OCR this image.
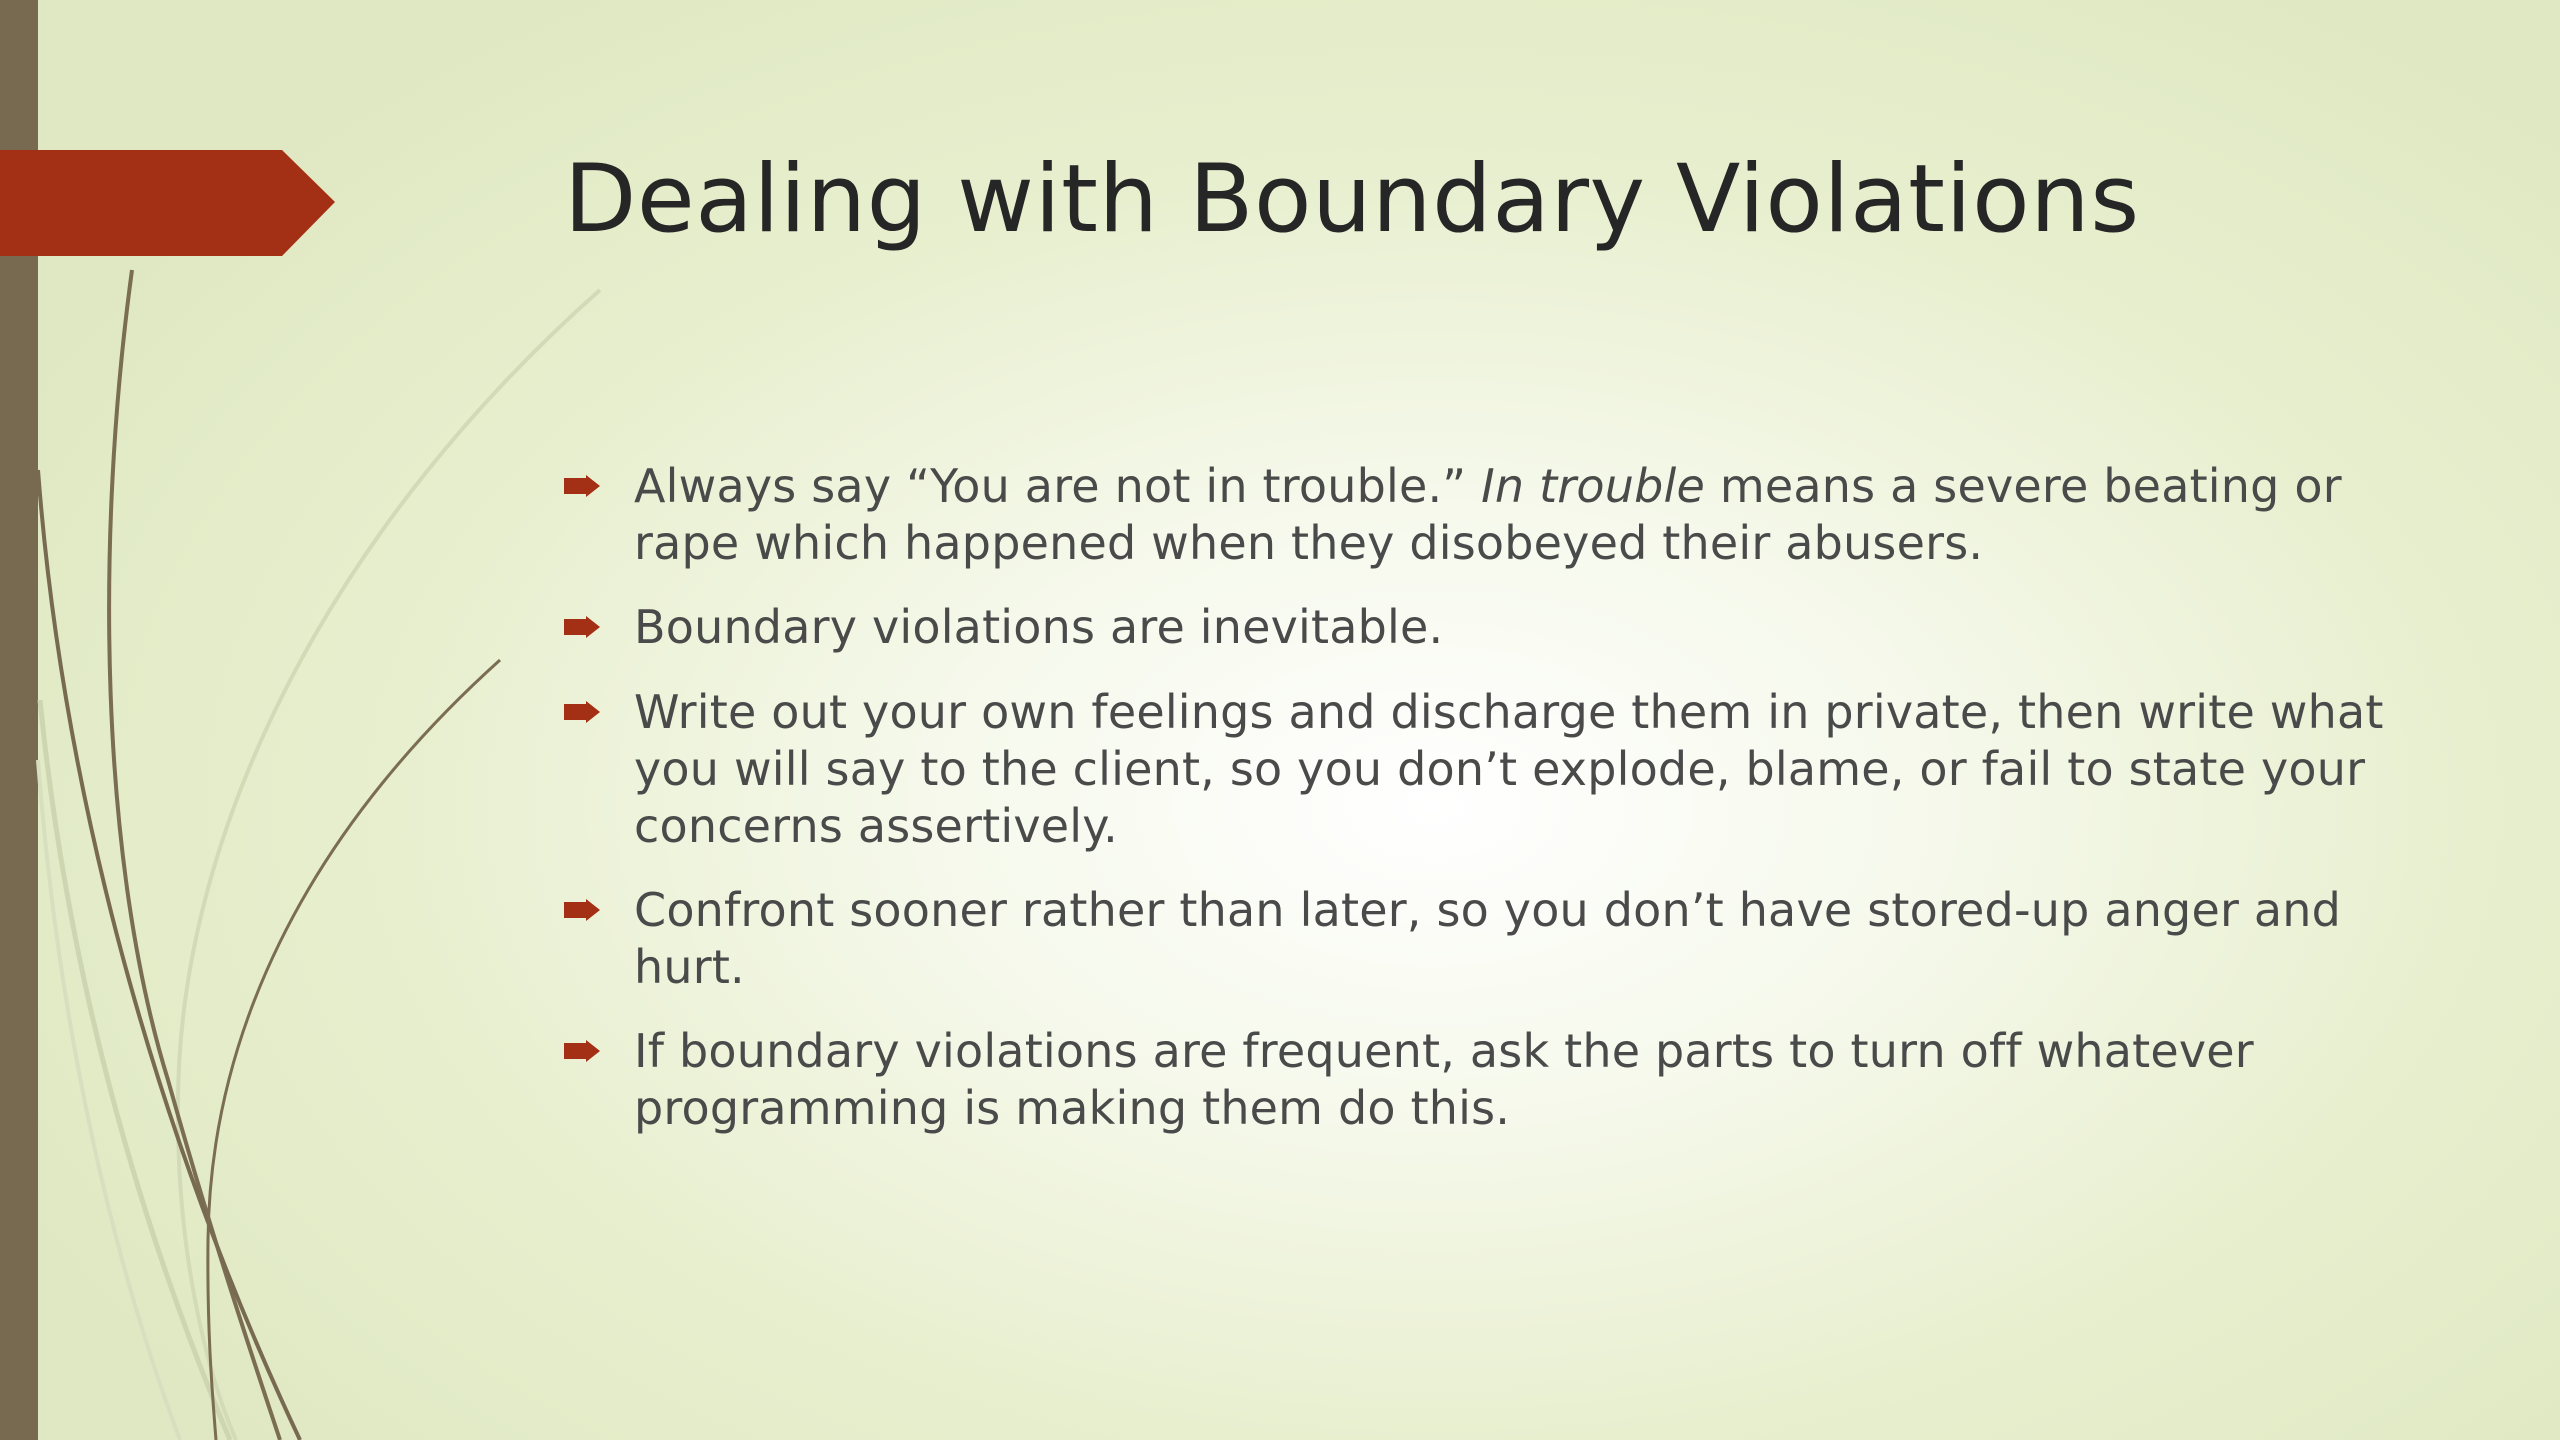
Dealing with Boundary Violations
Always say “You are not in trouble.” In trouble means a severe beating or rape which happened when they disobeyed their abusers.
Boundary violations are inevitable.
Write out your own feelings and discharge them in private, then write what you will say to the client, so you don’t explode, blame, or fail to state your concerns assertively.
Confront sooner rather than later, so you don’t have stored-up anger and hurt.
If boundary violations are frequent, ask the parts to turn off whatever programming is making them do this.
